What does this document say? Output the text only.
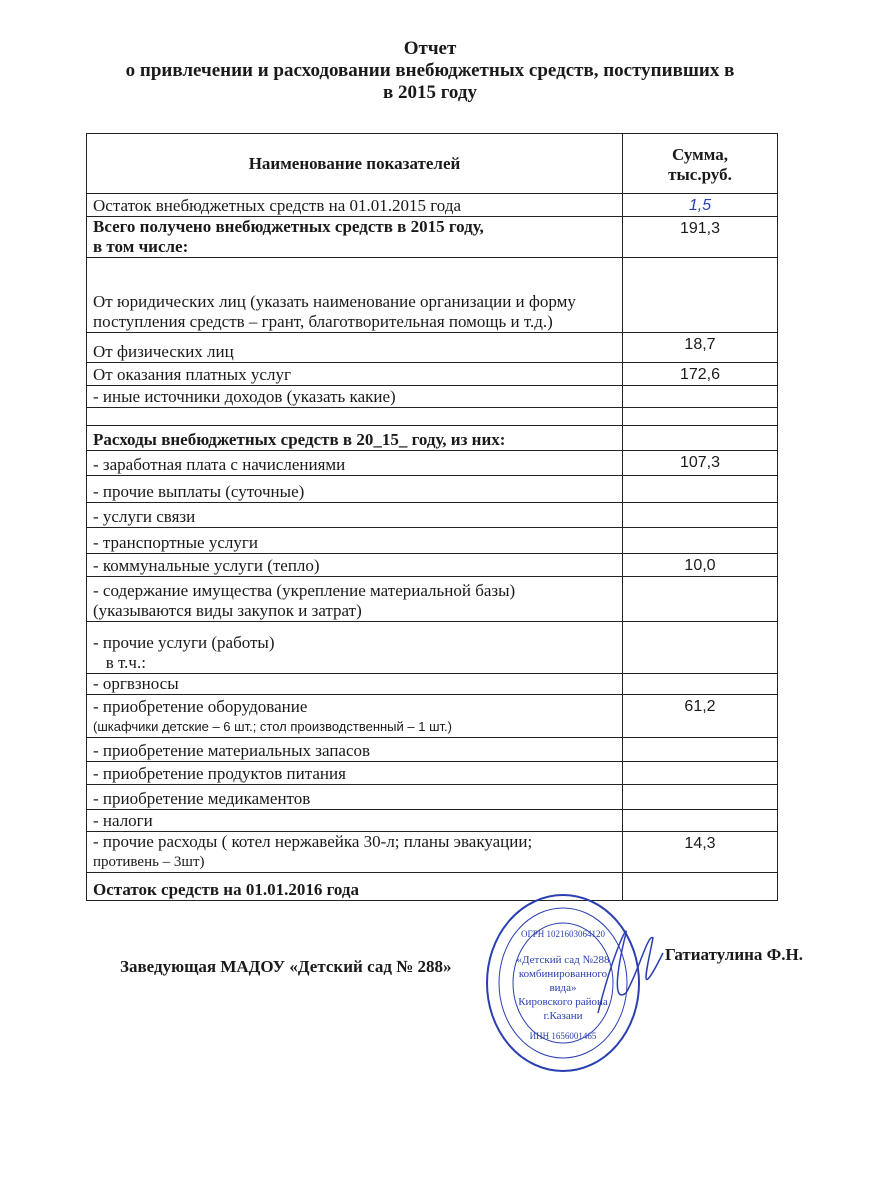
Отчет
о привлечении и расходовании внебюджетных средств, поступивших в
в 2015 году
Наименование показателей	Сумма,
тыс.руб.

Остаток внебюджетных средств на 01.01.2015 года	1,5

Всего получено внебюджетных средств в 2015 году,
в том числе:	191,3

От юридических лиц (указать наименование организации и форму поступления средств – грант, благотворительная помощь и т.д.)	

От физических лиц	18,7

От оказания платных услуг	172,6

- иные источники доходов (указать какие)	

Расходы внебюджетных средств в 20_15_ году, из них:	

- заработная плата с начислениями	107,3

- прочие выплаты (суточные)	

- услуги связи	

- транспортные услуги	

- коммунальные услуги (тепло)	10,0

- содержание имущества (укрепление материальной базы)
(указываются виды закупок и затрат)	

- прочие услуги (работы)
в т.ч.:	

- оргвзносы	

- приобретение оборудование
(шкафчики детские – 6 шт.; стол производственный – 1 шт.)	61,2

- приобретение материальных запасов	

- приобретение продуктов питания	

- приобретение медикаментов	

- налоги	

- прочие расходы ( котел нержавейка 30-л; планы эвакуации;
противень – 3шт)	14,3

Остаток средств на 01.01.2016 года	

Заведующая МАДОУ «Детский сад № 288»
Гатиатулина Ф.Н.
«Детский сад №288
комбинированного
вида»
Кировского района
г.Казани
ОГРН 1021603064120
ИНН 1656001465
